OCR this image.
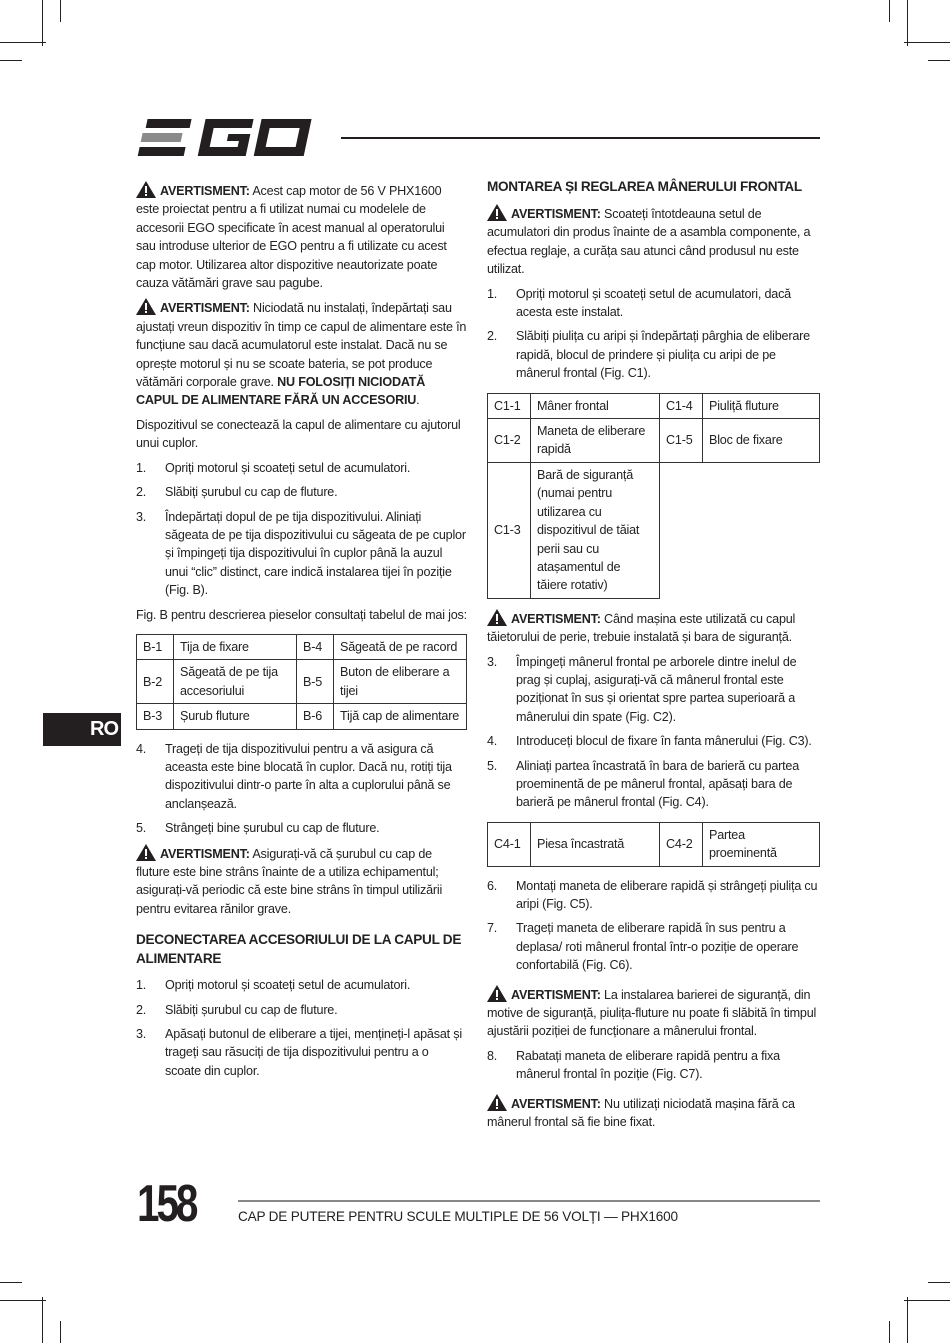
AVERTISMENT: Acest cap motor de 56 V PHX1600 este proiectat pentru a fi utilizat numai cu modelele de accesorii EGO specificate în acest manual al operatorului sau introduse ulterior de EGO pentru a fi utilizate cu acest cap motor. Utilizarea altor dispozitive neautorizate poate cauza vătămări grave sau pagube.

AVERTISMENT: Niciodată nu instalați, îndepărtați sau ajustați vreun dispozitiv în timp ce capul de alimentare este în funcțiune sau dacă acumulatorul este instalat. Dacă nu se oprește motorul și nu se scoate bateria, se pot produce vătămări corporale grave. NU FOLOSIȚI NICIODATĂ CAPUL DE ALIMENTARE FĂRĂ UN ACCESORIU.

Dispozitivul se conectează la capul de alimentare cu ajutorul unui cuplor.

1. Opriți motorul și scoateți setul de acumulatori.
2. Slăbiți șurubul cu cap de fluture.
3. Îndepărtați dopul de pe tija dispozitivului. Aliniați săgeata de pe tija dispozitivului cu săgeata de pe cuplor și împingeți tija dispozitivului în cuplor până la auzul unui “clic” distinct, care indică instalarea tijei în poziție (Fig. B).

Fig. B pentru descrierea pieselor consultați tabelul de mai jos:

B-1	Tija de fixare	B-4	Săgeată de pe racord
B-2	Săgeată de pe tija accesoriului	B-5	Buton de eliberare a tijei
B-3	Șurub fluture	B-6	Tijă cap de alimentare
4. Trageți de tija dispozitivului pentru a vă asigura că aceasta este bine blocată în cuplor. Dacă nu, rotiți tija dispozitivului dintr-o parte în alta a cuplorului până se anclanșează.
5. Strângeți bine șurubul cu cap de fluture.

AVERTISMENT: Asigurați-vă că șurubul cu cap de fluture este bine strâns înainte de a utiliza echipamentul; asigurați-vă periodic că este bine strâns în timpul utilizării pentru evitarea rănilor grave.

DECONECTAREA ACCESORIULUI DE LA CAPUL DE ALIMENTARE
1. Opriți motorul și scoateți setul de acumulatori.
2. Slăbiți șurubul cu cap de fluture.
3. Apăsați butonul de eliberare a tijei, mențineți-l apăsat și trageți sau răsuciți de tija dispozitivului pentru a o scoate din cuplor.
MONTAREA ȘI REGLAREA MÂNERULUI FRONTAL

AVERTISMENT: Scoateți întotdeauna setul de acumulatori din produs înainte de a asambla componente, a efectua reglaje, a curăța sau atunci când produsul nu este utilizat.

1. Opriți motorul și scoateți setul de acumulatori, dacă acesta este instalat.
2. Slăbiți piulița cu aripi și îndepărtați pârghia de eliberare rapidă, blocul de prindere și piulița cu aripi de pe mânerul frontal (Fig. C1).
C1-1	Mâner frontal	C1-4	Piuliță fluture
C1-2	Maneta de eliberare rapidă	C1-5	Bloc de fixare
C1-3	Bară de siguranță (numai pentru utilizarea cu dispozitivul de tăiat perii sau cu atașamentul de tăiere rotativ)		

AVERTISMENT: Când mașina este utilizată cu capul tăietorului de perie, trebuie instalată și bara de siguranță.

3. Împingeți mânerul frontal pe arborele dintre inelul de prag și cuplaj, asigurați-vă că mânerul frontal este poziționat în sus și orientat spre partea superioară a mânerului din spate (Fig. C2).
4. Introduceți blocul de fixare în fanta mânerului (Fig. C3).
5. Aliniați partea încastrată în bara de barieră cu partea proeminentă de pe mânerul frontal, apăsați bara de barieră pe mânerul frontal (Fig. C4).
C4-1	Piesa încastrată	C4-2	Partea proeminentă
6. Montați maneta de eliberare rapidă și strângeți piulița cu aripi (Fig. C5).
7. Trageți maneta de eliberare rapidă în sus pentru a deplasa/ roti mânerul frontal într-o poziție de operare confortabilă (Fig. C6).

AVERTISMENT: La instalarea barierei de siguranță, din motive de siguranță, piulița-fluture nu poate fi slăbită în timpul ajustării poziției de funcționare a mânerului frontal.

8. Rabatați maneta de eliberare rapidă pentru a fixa mânerul frontal în poziție (Fig. C7).

AVERTISMENT: Nu utilizați niciodată mașina fără ca mânerul frontal să fie bine fixat.

RO
158	CAP DE PUTERE PENTRU SCULE MULTIPLE DE 56 VOLȚI — PHX1600
